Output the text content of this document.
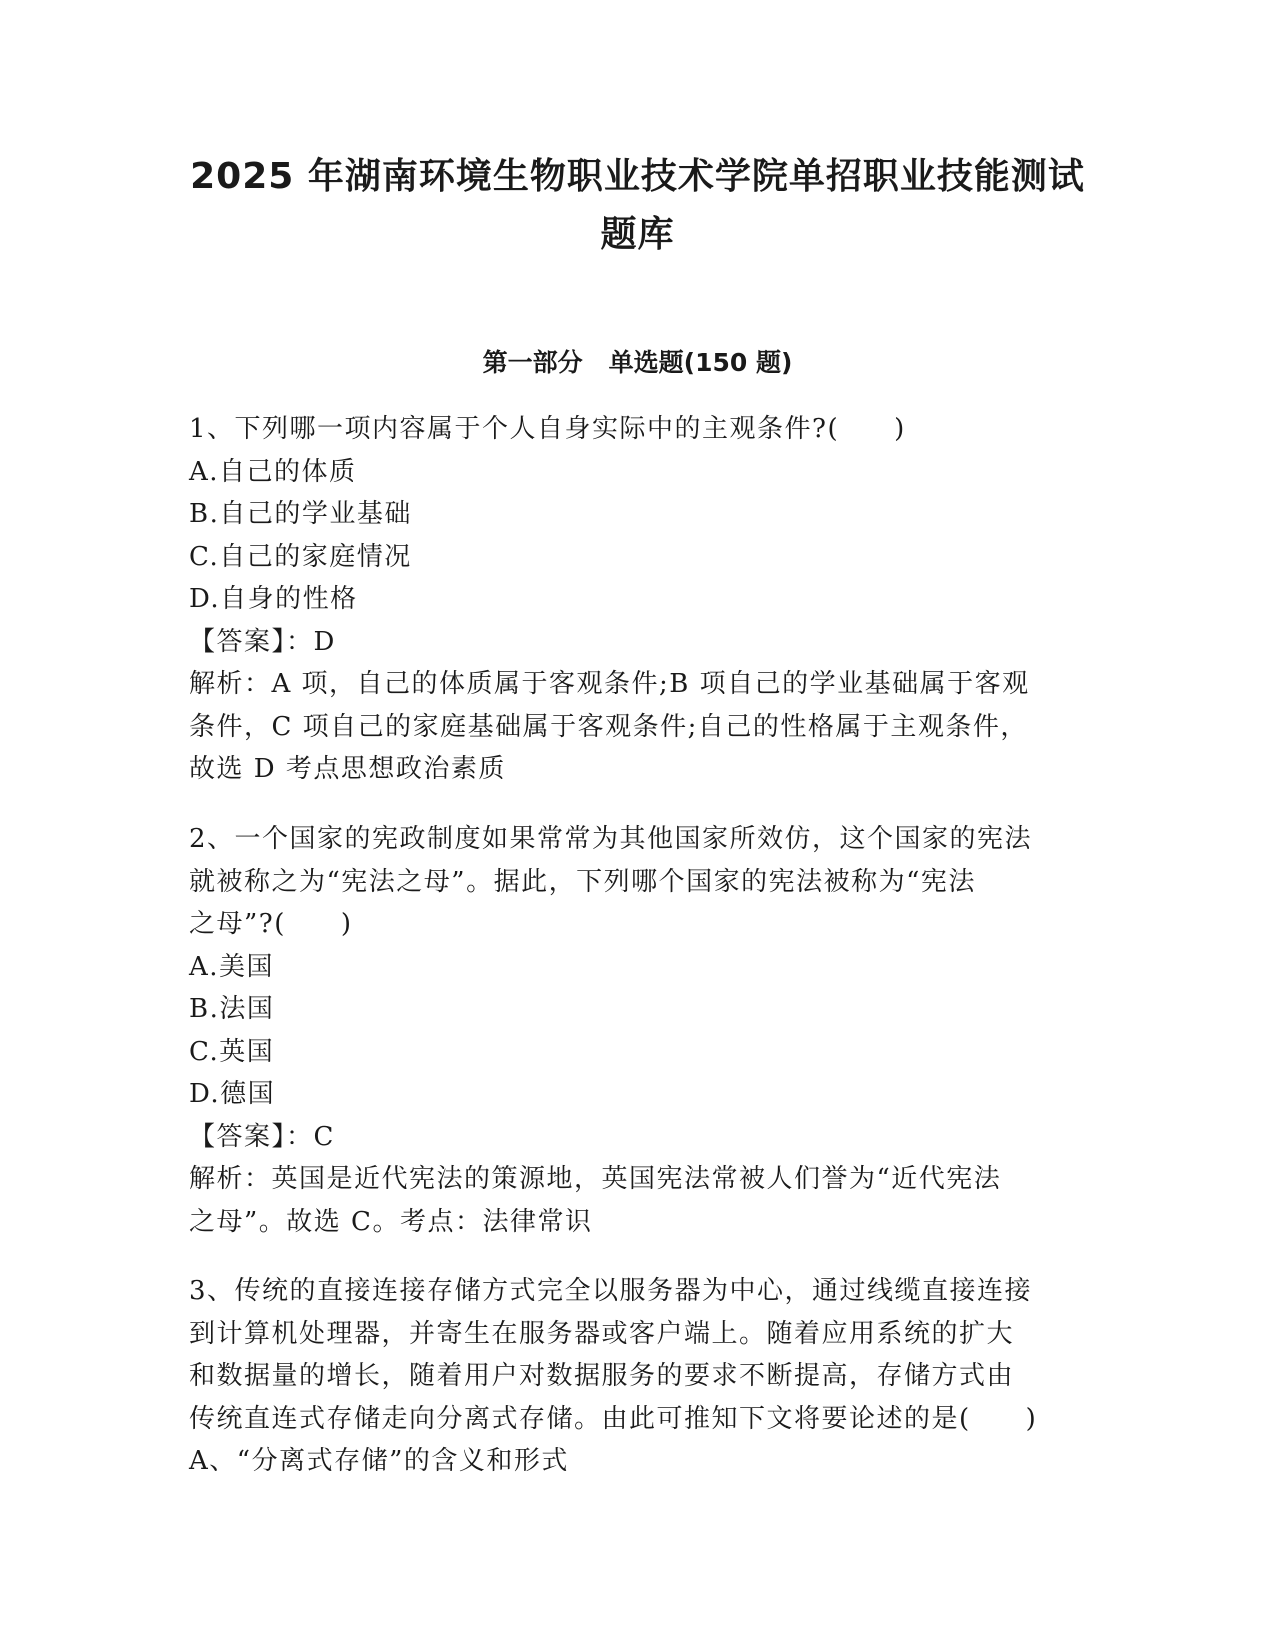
2025 年湖南环境生物职业技术学院单招职业技能测试
题库
第一部分   单选题(150 题)
1、下列哪一项内容属于个人自身实际中的主观条件?(　　)
A.自己的体质
B.自己的学业基础
C.自己的家庭情况
D.自身的性格
【答案】：D
解析：A 项，自己的体质属于客观条件;B 项自己的学业基础属于客观
条件，C 项自己的家庭基础属于客观条件;自己的性格属于主观条件，
故选 D 考点思想政治素质
2、一个国家的宪政制度如果常常为其他国家所效仿，这个国家的宪法
就被称之为“宪法之母”。据此，下列哪个国家的宪法被称为“宪法
之母”?(　　)
A.美国
B.法国
C.英国
D.德国
【答案】：C
解析：英国是近代宪法的策源地，英国宪法常被人们誉为“近代宪法
之母”。故选 C。考点：法律常识
3、传统的直接连接存储方式完全以服务器为中心，通过线缆直接连接
到计算机处理器，并寄生在服务器或客户端上。随着应用系统的扩大
和数据量的增长，随着用户对数据服务的要求不断提高，存储方式由
传统直连式存储走向分离式存储。由此可推知下文将要论述的是(　　)
A、“分离式存储”的含义和形式
